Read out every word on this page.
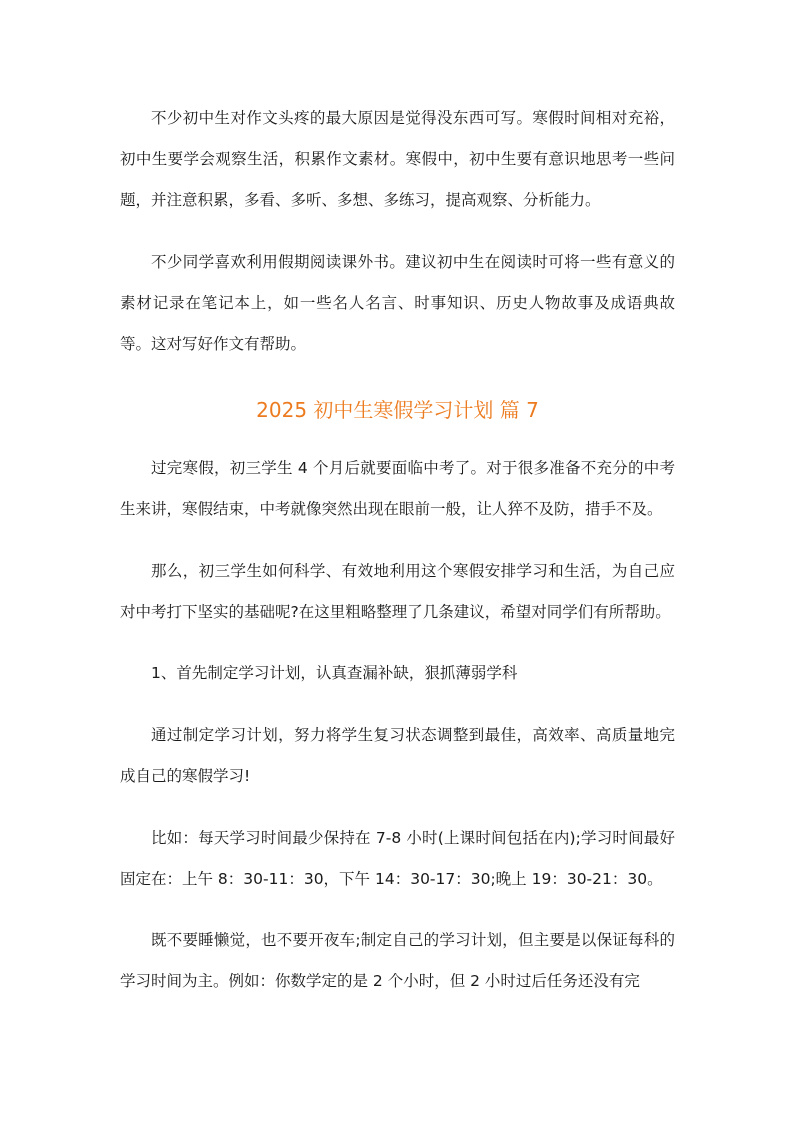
不少初中生对作文头疼的最大原因是觉得没东西可写。寒假时间相对充裕，初中生要学会观察生活，积累作文素材。寒假中，初中生要有意识地思考一些问题，并注意积累，多看、多听、多想、多练习，提高观察、分析能力。

不少同学喜欢利用假期阅读课外书。建议初中生在阅读时可将一些有意义的素材记录在笔记本上，如一些名人名言、时事知识、历史人物故事及成语典故等。这对写好作文有帮助。

2025 初中生寒假学习计划 篇 7

过完寒假，初三学生 4 个月后就要面临中考了。对于很多准备不充分的中考生来讲，寒假结束，中考就像突然出现在眼前一般，让人猝不及防，措手不及。

那么，初三学生如何科学、有效地利用这个寒假安排学习和生活，为自己应对中考打下坚实的基础呢?在这里粗略整理了几条建议，希望对同学们有所帮助。

1、首先制定学习计划，认真查漏补缺，狠抓薄弱学科

通过制定学习计划，努力将学生复习状态调整到最佳，高效率、高质量地完成自己的寒假学习!

比如：每天学习时间最少保持在 7-8 小时(上课时间包括在内);学习时间最好固定在：上午 8：30-11：30，下午 14：30-17：30;晚上 19：30-21：30。

既不要睡懒觉，也不要开夜车;制定自己的学习计划，但主要是以保证每科的学习时间为主。例如：你数学定的是 2 个小时，但 2 小时过后任务还没有完
